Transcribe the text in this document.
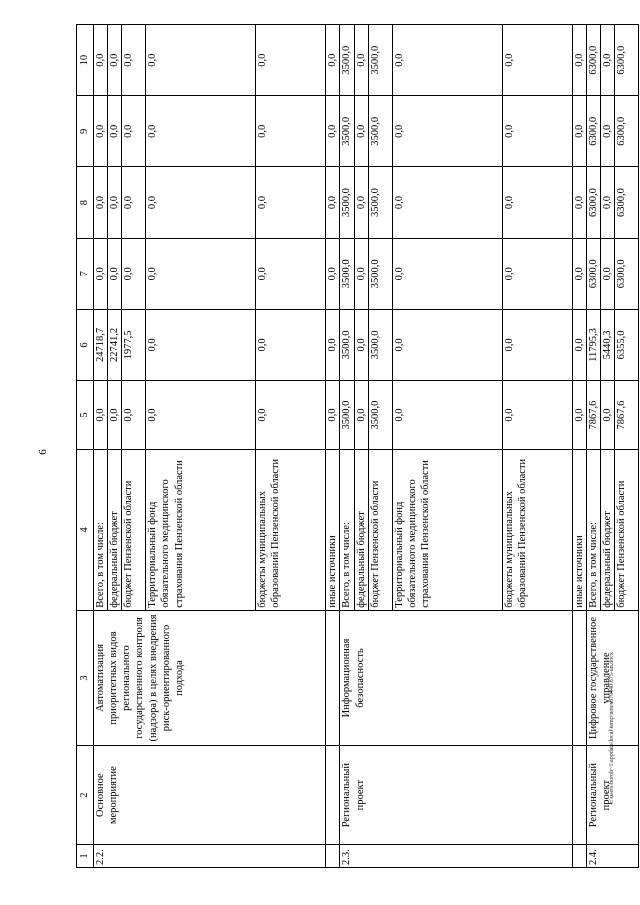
6
1	2	3	4	5	6	7	8	9	10
2.2.	Основное мероприятие	Автоматизация приоритетных видов регионального государственного контроля (надзора) в целях внедрения риск-ориентированного подхода	Всего, в том числе:	0,0	24718,7	0,0	0,0	0,0	0,0
			федеральный бюджет	0,0	22741,2	0,0	0,0	0,0	0,0
			бюджет Пензенской области	0,0	1977,5	0,0	0,0	0,0	0,0
			Территориальный фонд обязательного медицинского страхования Пензенской области	0,0	0,0	0,0	0,0	0,0	0,0
			бюджеты муниципальных образований Пензенской области	0,0	0,0	0,0	0,0	0,0	0,0
			иные источники	0,0	0,0	0,0	0,0	0,0	0,0
2.3.	Региональный проект	Информационная безопасность	Всего, в том числе:	3500,0	3500,0	3500,0	3500,0	3500,0	3500,0
			федеральный бюджет	0,0	0,0	0,0	0,0	0,0	0,0
			бюджет Пензенской области	3500,0	3500,0	3500,0	3500,0	3500,0	3500,0
			Территориальный фонд обязательного медицинского страхования Пензенской области	0,0	0,0	0,0	0,0	0,0	0,0
			бюджеты муниципальных образований Пензенской области	0,0	0,0	0,0	0,0	0,0	0,0
			иные источники	0,0	0,0	0,0	0,0	0,0	0,0
2.4.	Региональный проект	Цифровое государственное управление	Всего, в том числе:	7867,6	11795,3	6300,0	6300,0	6300,0	6300,0
			федеральный бюджет	0,0	5440,3	0,0	0,0	0,0	0,0
			бюджет Пензенской области	7867,6	6355,0	6300,0	6300,0	6300,0	6300,0
c:\users\boroh~1\appdata\local\temp\notes879440\875-un.docx
